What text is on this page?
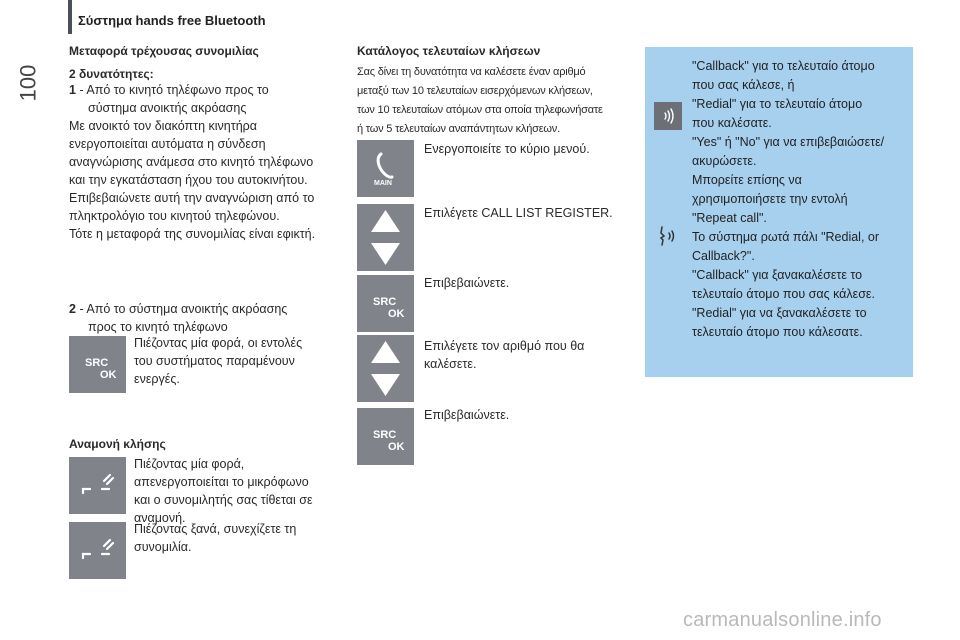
Σύστημα hands free Bluetooth
100
Μεταφορά τρέχουσας συνομιλίας
2 δυνατότητες:
1 - Από το κινητό τηλέφωνο προς το
σύστημα ανοικτής ακρόασης
Με ανοικτό τον διακόπτη κινητήρα
ενεργοποιείται αυτόματα η σύνδεση
αναγνώρισης ανάμεσα στο κινητό τηλέφωνο
και την εγκατάσταση ήχου του αυτοκινήτου.
Επιβεβαιώνετε αυτή την αναγνώριση από το
πληκτρολόγιο του κινητού τηλεφώνου.
Τότε η μεταφορά της συνομιλίας είναι εφικτή.
2 - Από το σύστημα ανοικτής ακρόασης
προς το κινητό τηλέφωνο
SRC
OK
Πιέζοντας μία φορά, οι εντολές
του συστήματος παραμένουν
ενεργές.
Αναμονή κλήσης
Πιέζοντας μία φορά,
απενεργοποιείται το μικρόφωνο
και ο συνομιλητής σας τίθεται σε
αναμονή.
Πιέζοντας ξανά, συνεχίζετε τη
συνομιλία.
Κατάλογος τελευταίων κλήσεων
Σας δίνει τη δυνατότητα να καλέσετε έναν αριθμό
μεταξύ των 10 τελευταίων εισερχόμενων κλήσεων,
των 10 τελευταίων ατόμων στα οποία τηλεφωνήσατε
ή των 5 τελευταίων αναπάντητων κλήσεων.
MAIN
Ενεργοποιείτε το κύριο μενού.
Επιλέγετε CALL LIST REGISTER.
SRC
OK
Επιβεβαιώνετε.
Επιλέγετε τον αριθμό που θα
καλέσετε.
SRC
OK
Επιβεβαιώνετε.
"Callback" για το τελευταίο άτομο
που σας κάλεσε, ή
"Redial" για το τελευταίο άτομο
που καλέσατε.
"Yes" ή "No" για να επιβεβαιώσετε/
ακυρώσετε.
Μπορείτε επίσης να
χρησιμοποιήσετε την εντολή
"Repeat call".
Το σύστημα ρωτά πάλι "Redial, or
Callback?".
"Callback" για ξανακαλέσετε το
τελευταίο άτομο που σας κάλεσε.
"Redial" για να ξανακαλέσετε το
τελευταίο άτομο που κάλεσατε.
carmanualsonline.info
